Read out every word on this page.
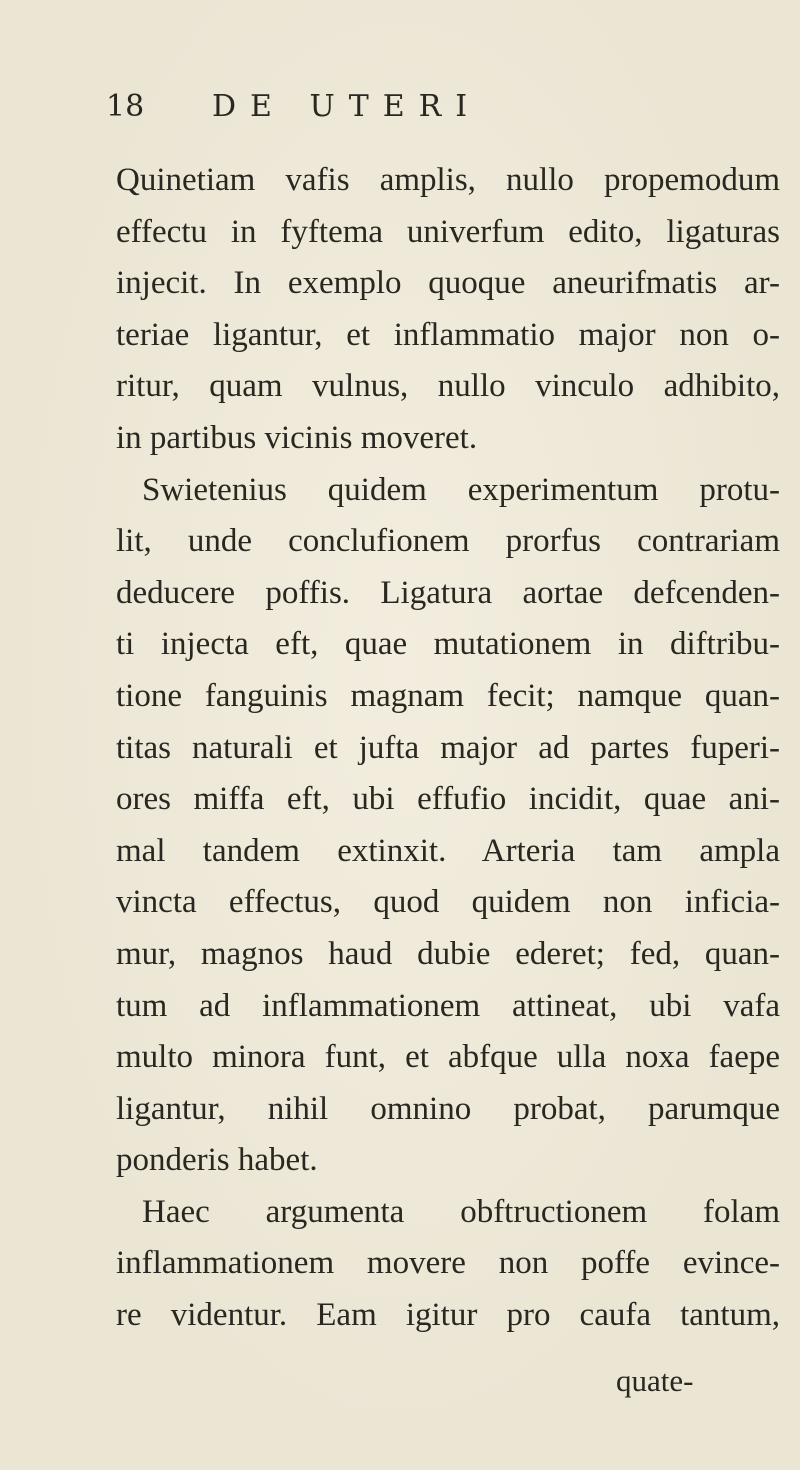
18 DE UTERI
Quinetiam vafis amplis, nullo propemodum
effectu in fyftema univerfum edito, ligaturas
injecit. In exemplo quoque aneurifmatis ar-
teriae ligantur, et inflammatio major non o-
ritur, quam vulnus, nullo vinculo adhibito,
in partibus vicinis moveret.
Swietenius quidem experimentum protu-
lit, unde conclufionem prorfus contrariam
deducere poffis. Ligatura aortae defcenden-
ti injecta eft, quae mutationem in diftribu-
tione fanguinis magnam fecit; namque quan-
titas naturali et jufta major ad partes fuperi-
ores miffa eft, ubi effufio incidit, quae ani-
mal tandem extinxit. Arteria tam ampla
vincta effectus, quod quidem non inficia-
mur, magnos haud dubie ederet; fed, quan-
tum ad inflammationem attineat, ubi vafa
multo minora funt, et abfque ulla noxa faepe
ligantur, nihil omnino probat, parumque
ponderis habet.
Haec argumenta obftructionem folam
inflammationem movere non poffe evince-
re videntur. Eam igitur pro caufa tantum,
quate-
